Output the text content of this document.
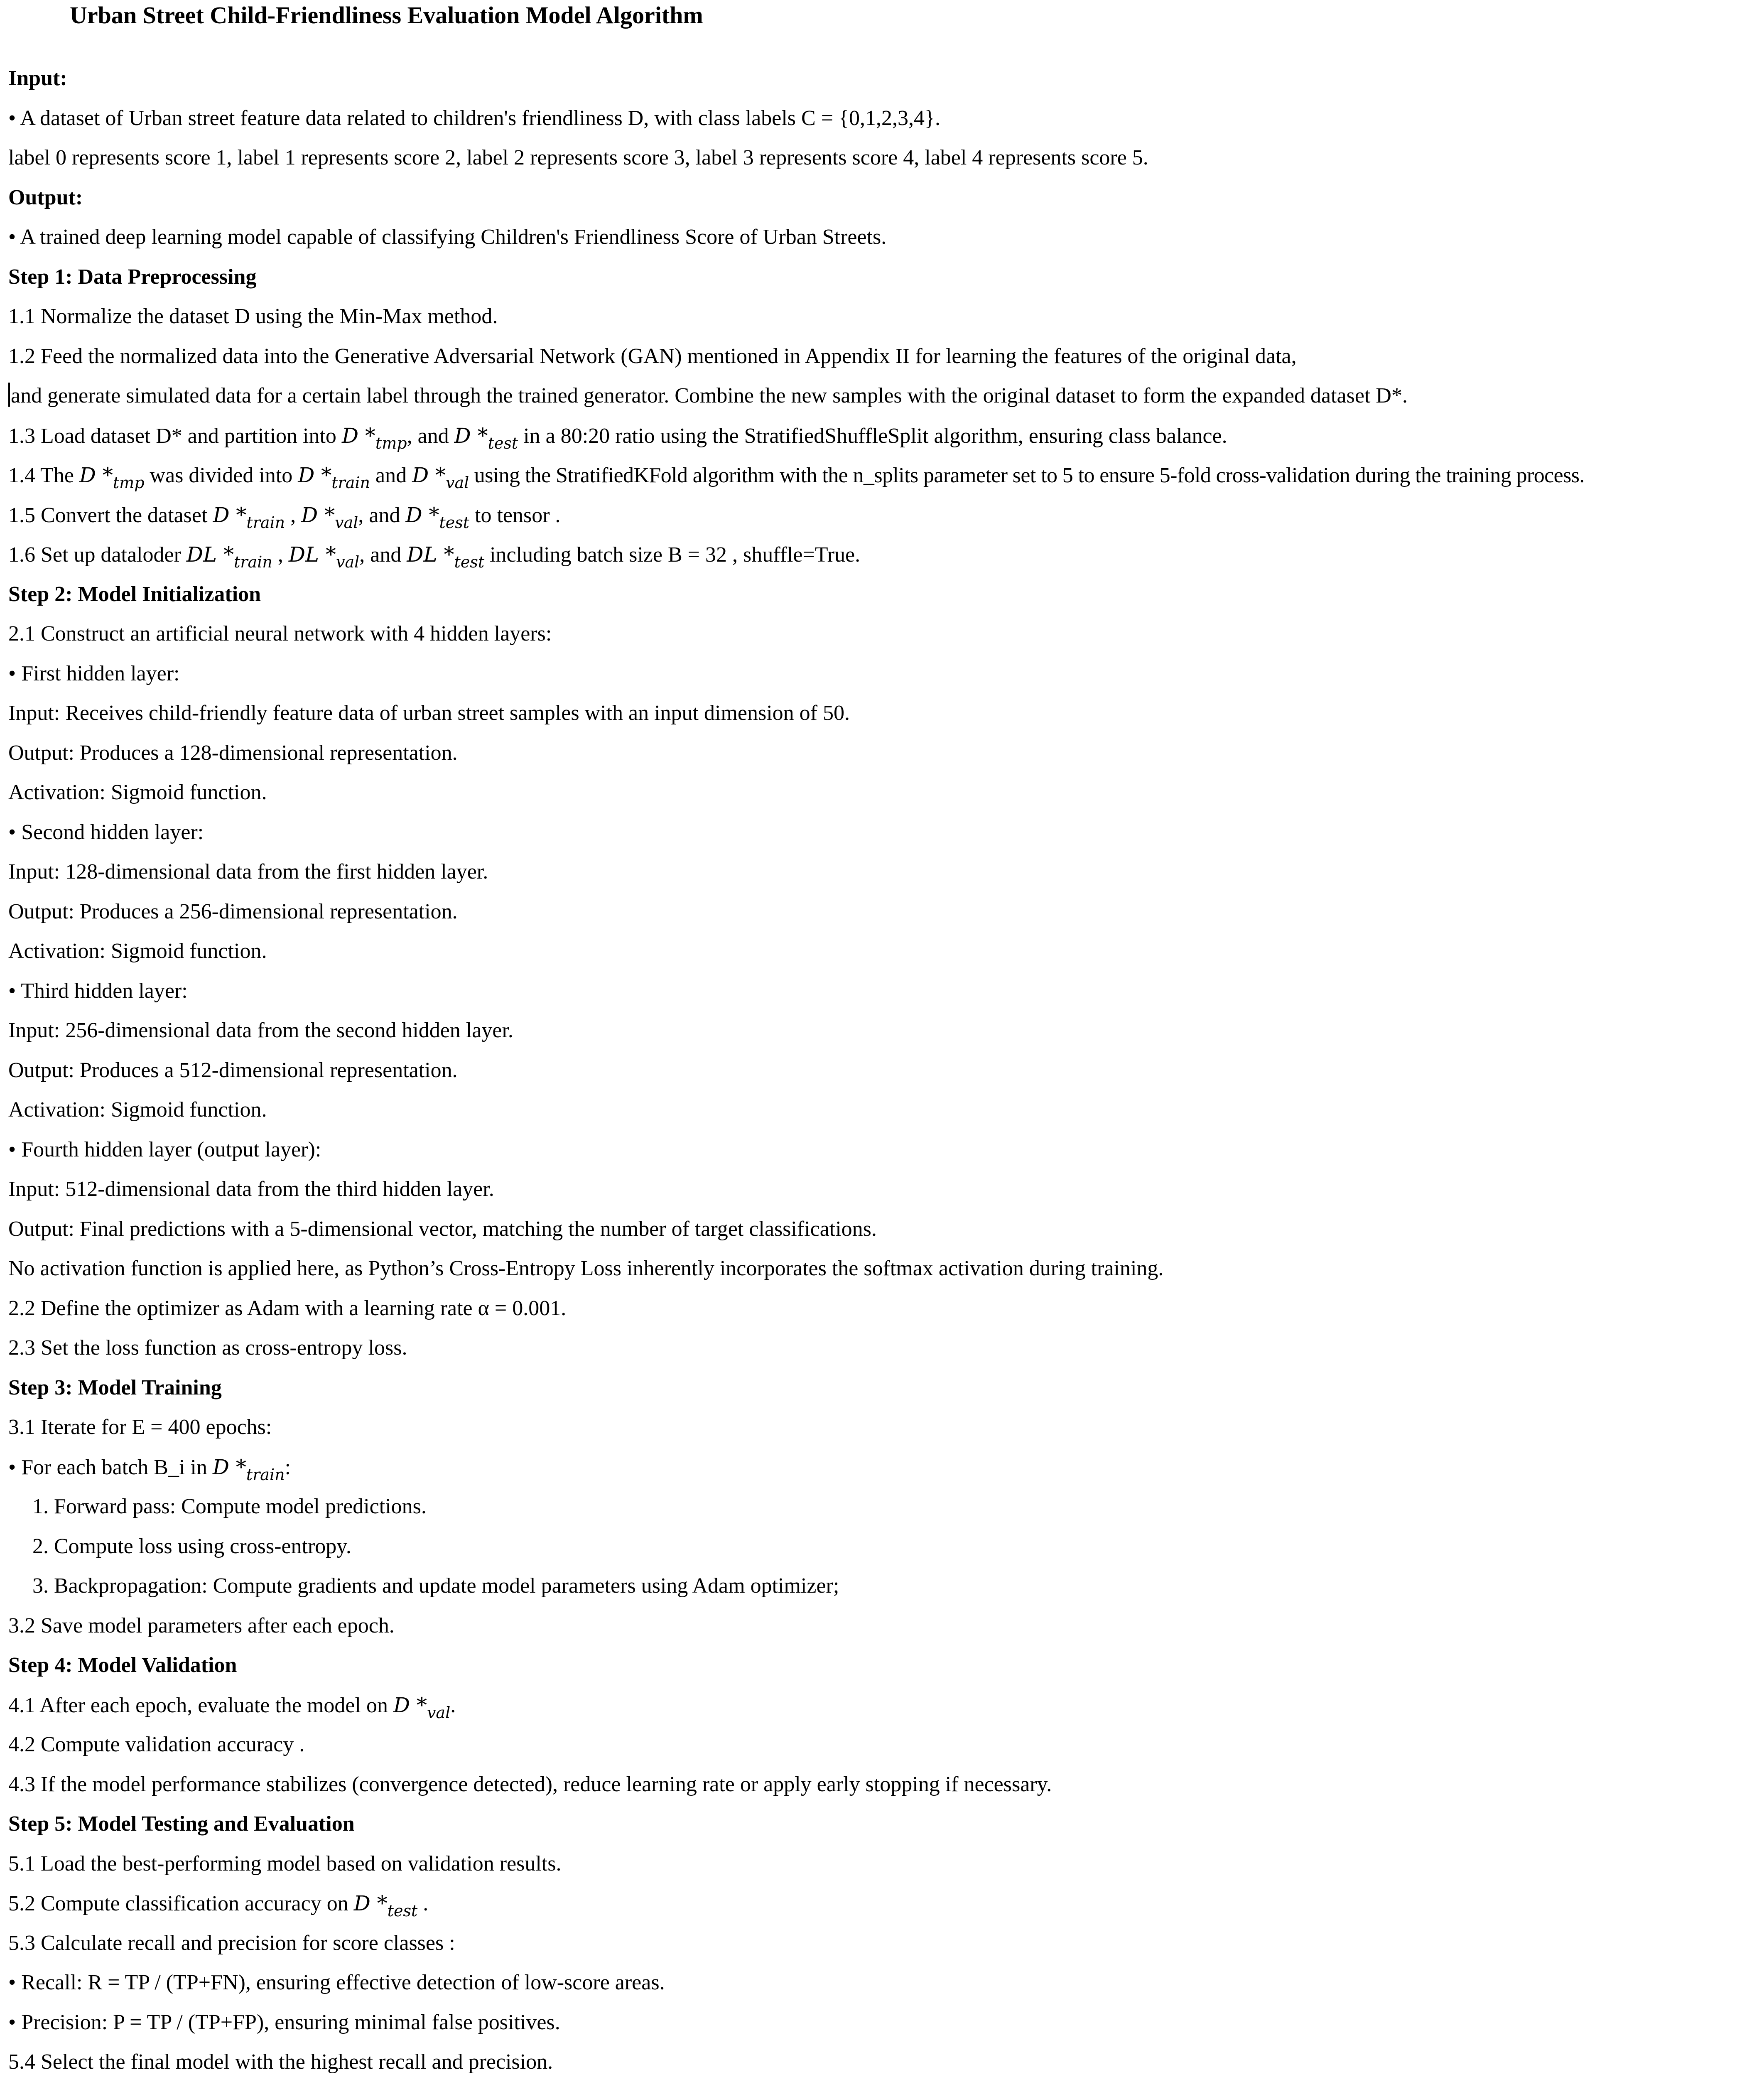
Urban Street Child-Friendliness Evaluation Model Algorithm
Input:
• A dataset of Urban street feature data related to children's friendliness D, with class labels C = {0,1,2,3,4}.
label 0 represents score 1, label 1 represents score 2, label 2 represents score 3, label 3 represents score 4, label 4 represents score 5.
Output:
• A trained deep learning model capable of classifying Children's Friendliness Score of Urban Streets.
Step 1: Data Preprocessing
1.1 Normalize the dataset D using the Min-Max method.
1.2 Feed the normalized data into the Generative Adversarial Network (GAN) mentioned in Appendix II for learning the features of the original data,
and generate simulated data for a certain label through the trained generator. Combine the new samples with the original dataset to form the expanded dataset D*.
1.3 Load dataset D* and partition into D $*_{tmp}$, and D $*_{test}$ in a 80:20 ratio using the StratifiedShuffleSplit algorithm, ensuring class balance.
1.4 The D $*_{tmp}$ was divided into D $*_{train}$ and D $*_{val}$ using the StratifiedKFold algorithm with the n_splits parameter set to 5 to ensure 5-fold cross-validation during the training process.
1.5 Convert the dataset D $*_{train}$ , D $*_{val}$, and D $*_{test}$ to tensor .
1.6 Set up dataloder DL $*_{train}$ , DL $*_{val}$, and DL $*_{test}$ including batch size B = 32 , shuffle=True.
Step 2: Model Initialization
2.1 Construct an artificial neural network with 4 hidden layers:
• First hidden layer:
Input: Receives child-friendly feature data of urban street samples with an input dimension of 50.
Output: Produces a 128-dimensional representation.
Activation: Sigmoid function.
• Second hidden layer:
Input: 128-dimensional data from the first hidden layer.
Output: Produces a 256-dimensional representation.
Activation: Sigmoid function.
• Third hidden layer:
Input: 256-dimensional data from the second hidden layer.
Output: Produces a 512-dimensional representation.
Activation: Sigmoid function.
• Fourth hidden layer (output layer):
Input: 512-dimensional data from the third hidden layer.
Output: Final predictions with a 5-dimensional vector, matching the number of target classifications.
No activation function is applied here, as Python’s Cross-Entropy Loss inherently incorporates the softmax activation during training.
2.2 Define the optimizer as Adam with a learning rate α = 0.001.
2.3 Set the loss function as cross-entropy loss.
Step 3: Model Training
3.1 Iterate for E = 400 epochs:
• For each batch B_i in D $*_{train}$:
1. Forward pass: Compute model predictions.
2. Compute loss using cross-entropy.
3. Backpropagation: Compute gradients and update model parameters using Adam optimizer;
3.2 Save model parameters after each epoch.
Step 4: Model Validation
4.1 After each epoch, evaluate the model on D $*_{val}$.
4.2 Compute validation accuracy .
4.3 If the model performance stabilizes (convergence detected), reduce learning rate or apply early stopping if necessary.
Step 5: Model Testing and Evaluation
5.1 Load the best-performing model based on validation results.
5.2 Compute classification accuracy on D $*_{test}$ .
5.3 Calculate recall and precision for score classes :
• Recall: R = TP / (TP+FN), ensuring effective detection of low-score areas.
• Precision: P = TP / (TP+FP), ensuring minimal false positives.
5.4 Select the final model with the highest recall and precision.
